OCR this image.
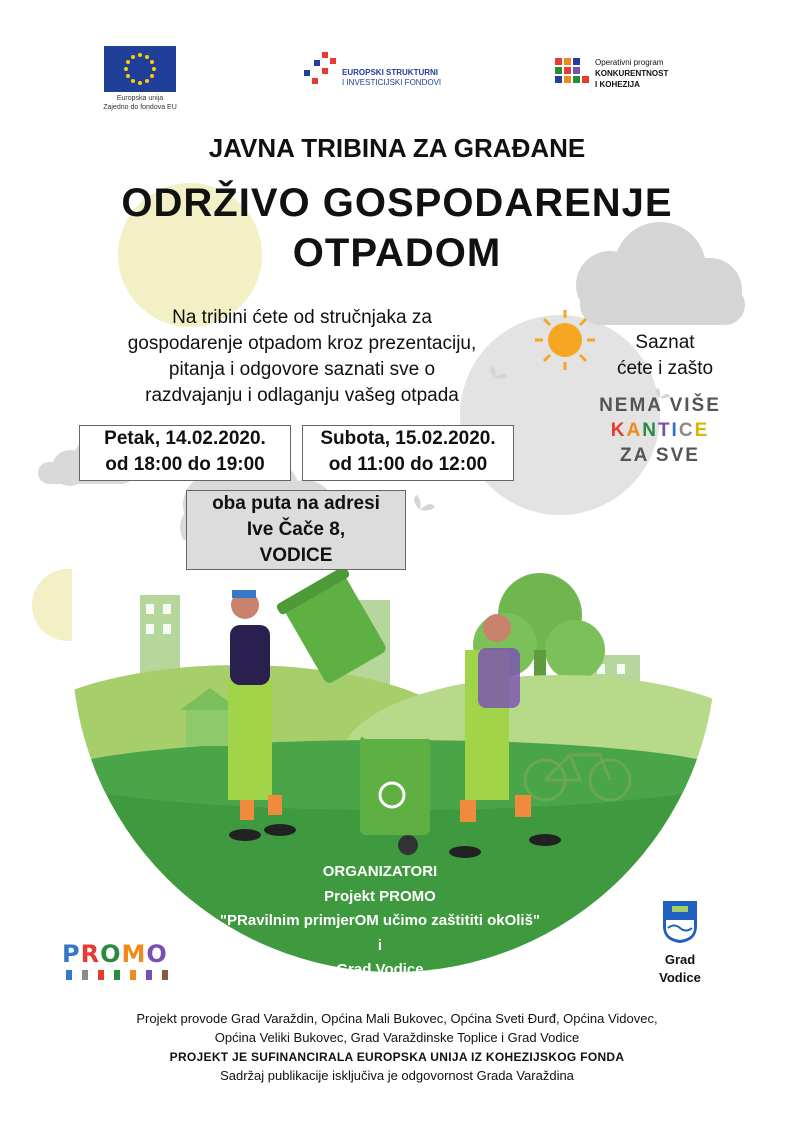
Europska unija
Zajedno do fondova EU
EUROPSKI STRUKTURNI
I INVESTICIJSKI FONDOVI
Operativni program
KONKURENTNOST
I KOHEZIJA
JAVNA TRIBINA ZA GRAĐANE
ODRŽIVO GOSPODARENJE
OTPADOM
Na tribini ćete od stručnjaka za
gospodarenje otpadom kroz prezentaciju,
pitanja i odgovore saznati sve o
razdvajanju i odlaganju vašeg otpada
Saznat
ćete i zašto
NEMA VIŠE
KANTICE
ZA SVE
Petak, 14.02.2020.
od 18:00 do 19:00
Subota, 15.02.2020.
od 11:00 do 12:00
oba puta na adresi
Ive Čače 8,
VODICE
ORGANIZATORI
Projekt PROMO
"PRavilnim primjerOM učimo zaštititi okOliš"
i
Grad Vodice
PROMO	Grad
Vodice
Projekt provode Grad Varaždin, Općina Mali Bukovec, Općina Sveti Đurđ, Općina Vidovec,
Općina Veliki Bukovec, Grad Varaždinske Toplice i Grad Vodice
PROJEKT JE SUFINANCIRALA EUROPSKA UNIJA IZ KOHEZIJSKOG FONDA
Sadržaj publikacije isključiva je odgovornost Grada Varaždina
